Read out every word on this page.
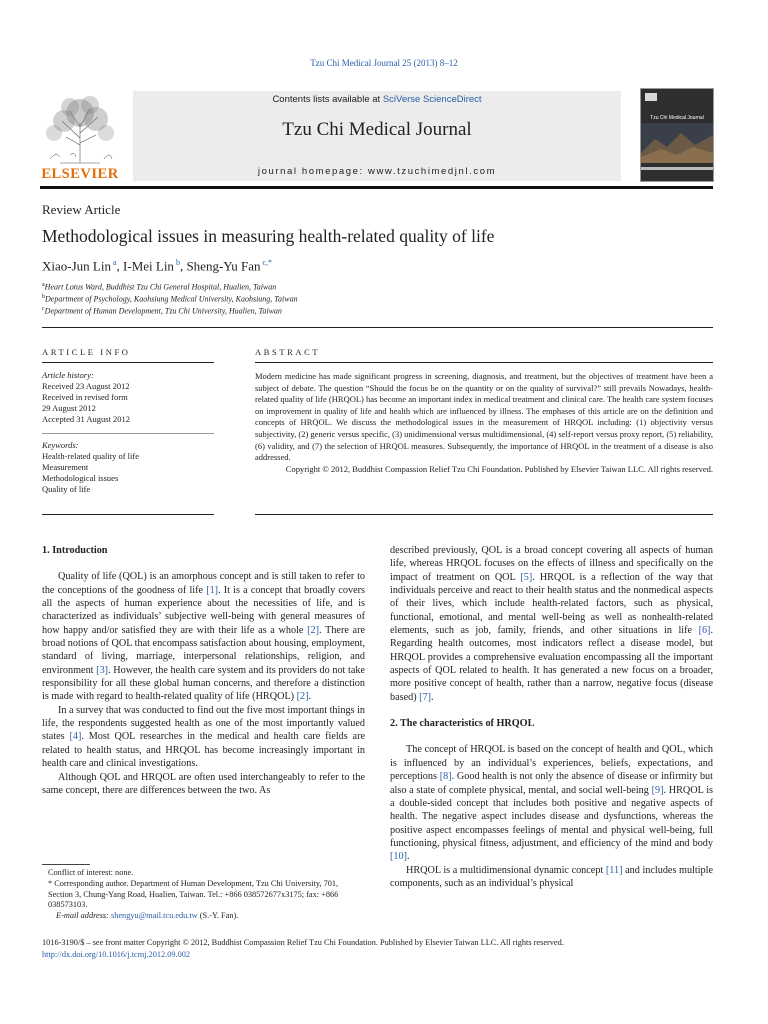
Tzu Chi Medical Journal 25 (2013) 8–12
ELSEVIER
Contents lists available at SciVerse ScienceDirect
Tzu Chi Medical Journal
journal homepage: www.tzuchimedjnl.com
Tzu Chi Medical Journal
Review Article
Methodological issues in measuring health-related quality of life
Xiao-Jun Lin $^a$, I-Mei Lin $^b$, Sheng-Yu Fan $^{c,*}$
$^a$Heart Lotus Ward, Buddhist Tzu Chi General Hospital, Hualien, Taiwan
$^b$Department of Psychology, Kaohsiung Medical University, Kaohsiung, Taiwan
$^c$Department of Human Development, Tzu Chi University, Hualien, Taiwan
ARTICLE INFO
Article history:
Received 23 August 2012
Received in revised form
29 August 2012
Accepted 31 August 2012
Keywords:
Health-related quality of life
Measurement
Methodological issues
Quality of life
ABSTRACT
Modern medicine has made significant progress in screening, diagnosis, and treatment, but the objectives of treatment have been a subject of debate. The question “Should the focus be on the quantity or on the quality of survival?” still prevails Nowadays, health-related quality of life (HRQOL) has become an important index in medical treatment and clinical care. The health care system focuses on improvement in quality of life and health which are influenced by illness. The emphases of this article are on the definition and concepts of HRQOL. We discuss the methodological issues in the measurement of HRQOL including: (1) objectivity versus subjectivity, (2) generic versus specific, (3) unidimensional versus multidimensional, (4) self-report versus proxy report, (5) reliability, (6) validity, and (7) the selection of HRQOL measures. Subsequently, the importance of HRQOL in the treatment of a disease is also addressed.
Copyright © 2012, Buddhist Compassion Relief Tzu Chi Foundation. Published by Elsevier Taiwan LLC. All rights reserved.
1. Introduction

Quality of life (QOL) is an amorphous concept and is still taken to refer to the conceptions of the goodness of life [1]. It is a concept that broadly covers all the aspects of human experience about the necessities of life, and is characterized as individuals’ subjective well-being with general measures of how happy and/or satisfied they are with their life as a whole [2]. There are broad notions of QOL that encompass satisfaction about housing, employment, standard of living, marriage, interpersonal relationships, religion, and environment [3]. However, the health care system and its providers do not take responsibility for all these global human concerns, and therefore a distinction is made with regard to health-related quality of life (HRQOL) [2].

In a survey that was conducted to find out the five most important things in life, the respondents suggested health as one of the most importantly valued states [4]. Most QOL researches in the medical and health care fields are related to health status, and HRQOL has become increasingly important in health care and clinical investigations.

Although QOL and HRQOL are often used interchangeably to refer to the same concept, there are differences between the two. As

described previously, QOL is a broad concept covering all aspects of human life, whereas HRQOL focuses on the effects of illness and specifically on the impact of treatment on QOL [5]. HRQOL is a reflection of the way that individuals perceive and react to their health status and the nonmedical aspects of their lives, which include health-related factors, such as physical, functional, emotional, and mental well-being as well as nonhealth-related elements, such as job, family, friends, and other situations in life [6]. Regarding health outcomes, most indicators reflect a disease model, but HRQOL provides a comprehensive evaluation encompassing all the important aspects of QOL related to health. It has generated a new focus on a broader, more positive concept of health, rather than a narrow, negative focus (disease based) [7].

2. The characteristics of HRQOL

The concept of HRQOL is based on the concept of health and QOL, which is influenced by an individual’s experiences, beliefs, expectations, and perceptions [8]. Good health is not only the absence of disease or infirmity but also a state of complete physical, mental, and social well-being [9]. HRQOL is a double-sided concept that includes both positive and negative aspects of health. The negative aspect includes disease and dysfunctions, whereas the positive aspect encompasses feelings of mental and physical well-being, full functioning, physical fitness, adjustment, and efficiency of the mind and body [10].

HRQOL is a multidimensional dynamic concept [11] and includes multiple components, such as an individual’s physical

Conflict of interest: none.
* Corresponding author. Department of Human Development, Tzu Chi University, 701, Section 3, Chung-Yang Road, Hualien, Taiwan. Tel.: +866 038572677x3175; fax: +866 038573103.
E-mail address: shengyu@mail.tcu.edu.tw (S.-Y. Fan).
1016-3190/$ – see front matter Copyright © 2012, Buddhist Compassion Relief Tzu Chi Foundation. Published by Elsevier Taiwan LLC. All rights reserved.
http://dx.doi.org/10.1016/j.tcmj.2012.09.002
